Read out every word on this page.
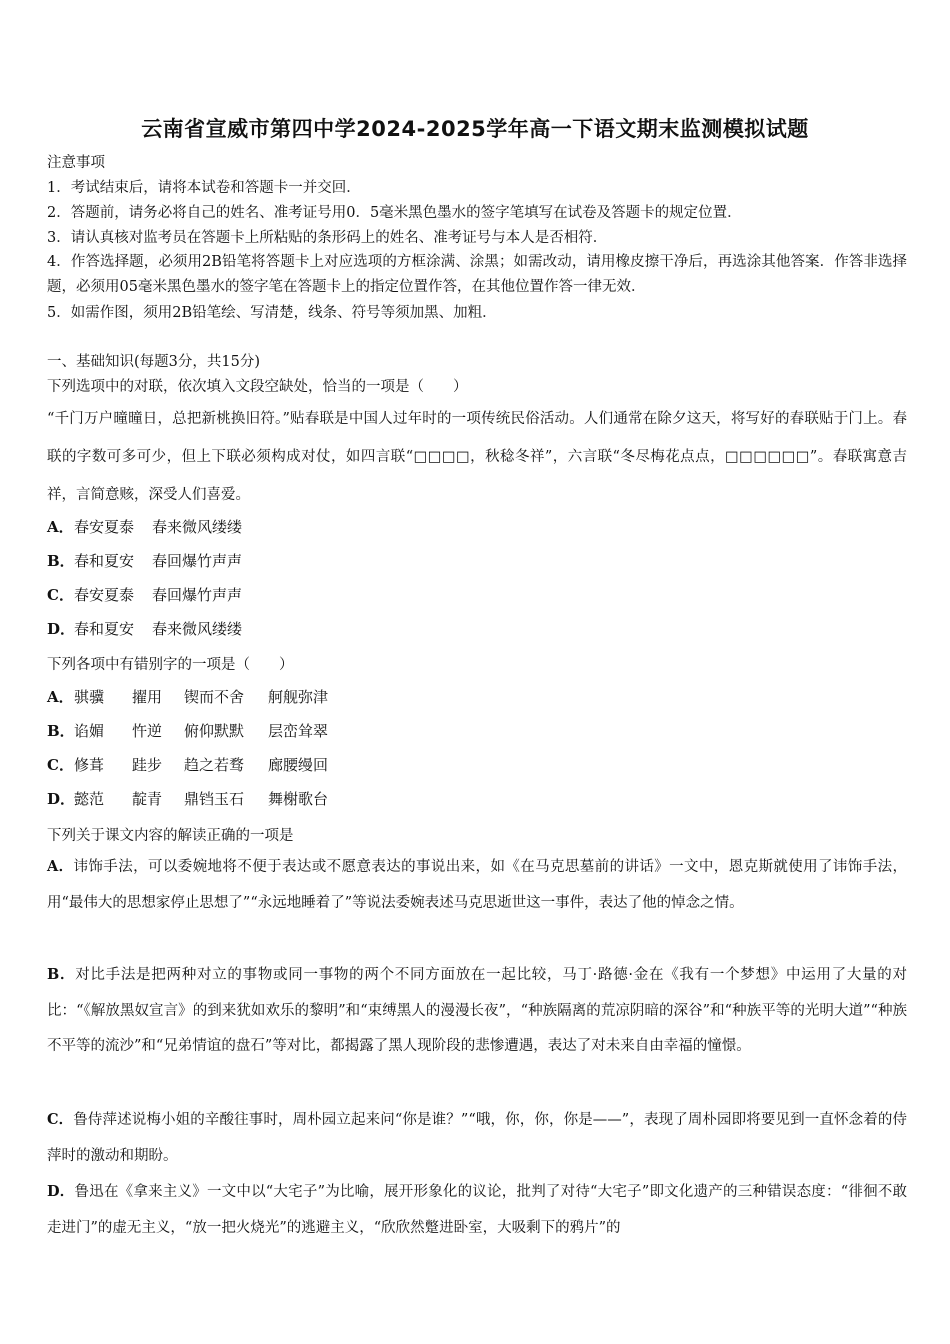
云南省宣威市第四中学2024-2025学年高一下语文期末监测模拟试题
注意事项
1．考试结束后，请将本试卷和答题卡一并交回．
2．答题前，请务必将自己的姓名、准考证号用0．5毫米黑色墨水的签字笔填写在试卷及答题卡的规定位置．
3．请认真核对监考员在答题卡上所粘贴的条形码上的姓名、准考证号与本人是否相符．
4．作答选择题，必须用2B铅笔将答题卡上对应选项的方框涂满、涂黑；如需改动，请用橡皮擦干净后，再选涂其他答案．作答非选择题，必须用05毫米黑色墨水的签字笔在答题卡上的指定位置作答，在其他位置作答一律无效．
5．如需作图，须用2B铅笔绘、写清楚，线条、符号等须加黑、加粗．
一、基础知识(每题3分，共15分)
下列选项中的对联，依次填入文段空缺处，恰当的一项是（　　）
“千门万户曈曈日，总把新桃换旧符。”贴春联是中国人过年时的一项传统民俗活动。人们通常在除夕这天，将写好的春联贴于门上。春联的字数可多可少，但上下联必须构成对仗，如四言联“□□□□，秋稔冬祥”，六言联“冬尽梅花点点，□□□□□□”。春联寓意吉祥，言简意赅，深受人们喜爱。
A．春安夏泰 春来微风缕缕
B．春和夏安 春回爆竹声声
C．春安夏泰 春回爆竹声声
D．春和夏安 春来微风缕缕
下列各项中有错别字的一项是（　　）
A．骐骥 擢用 锲而不舍 舸舰弥津
B．谄媚 忤逆 俯仰默默 层峦耸翠
C．修葺 跬步 趋之若骛 廊腰缦回
D．懿范 靛青 鼎铛玉石 舞榭歌台
下列关于课文内容的解读正确的一项是
A．讳饰手法，可以委婉地将不便于表达或不愿意表达的事说出来，如《在马克思墓前的讲话》一文中，恩克斯就使用了讳饰手法，用“最伟大的思想家停止思想了”“永远地睡着了”等说法委婉表述马克思逝世这一事件，表达了他的悼念之情。
B．对比手法是把两种对立的事物或同一事物的两个不同方面放在一起比较，马丁·路德·金在《我有一个梦想》中运用了大量的对比：“《解放黑奴宣言》的到来犹如欢乐的黎明”和“束缚黑人的漫漫长夜”，“种族隔离的荒凉阴暗的深谷”和“种族平等的光明大道”“种族不平等的流沙”和“兄弟情谊的盘石”等对比，都揭露了黑人现阶段的悲惨遭遇，表达了对未来自由幸福的憧憬。
C．鲁侍萍述说梅小姐的辛酸往事时，周朴园立起来问“你是谁？”“哦，你，你，你是——”，表现了周朴园即将要见到一直怀念着的侍萍时的激动和期盼。
D．鲁迅在《拿来主义》一文中以“大宅子”为比喻，展开形象化的议论，批判了对待“大宅子”即文化遗产的三种错误态度：“徘徊不敢走进门”的虚无主义，“放一把火烧光”的逃避主义，“欣欣然蹩进卧室，大吸剩下的鸦片”的
